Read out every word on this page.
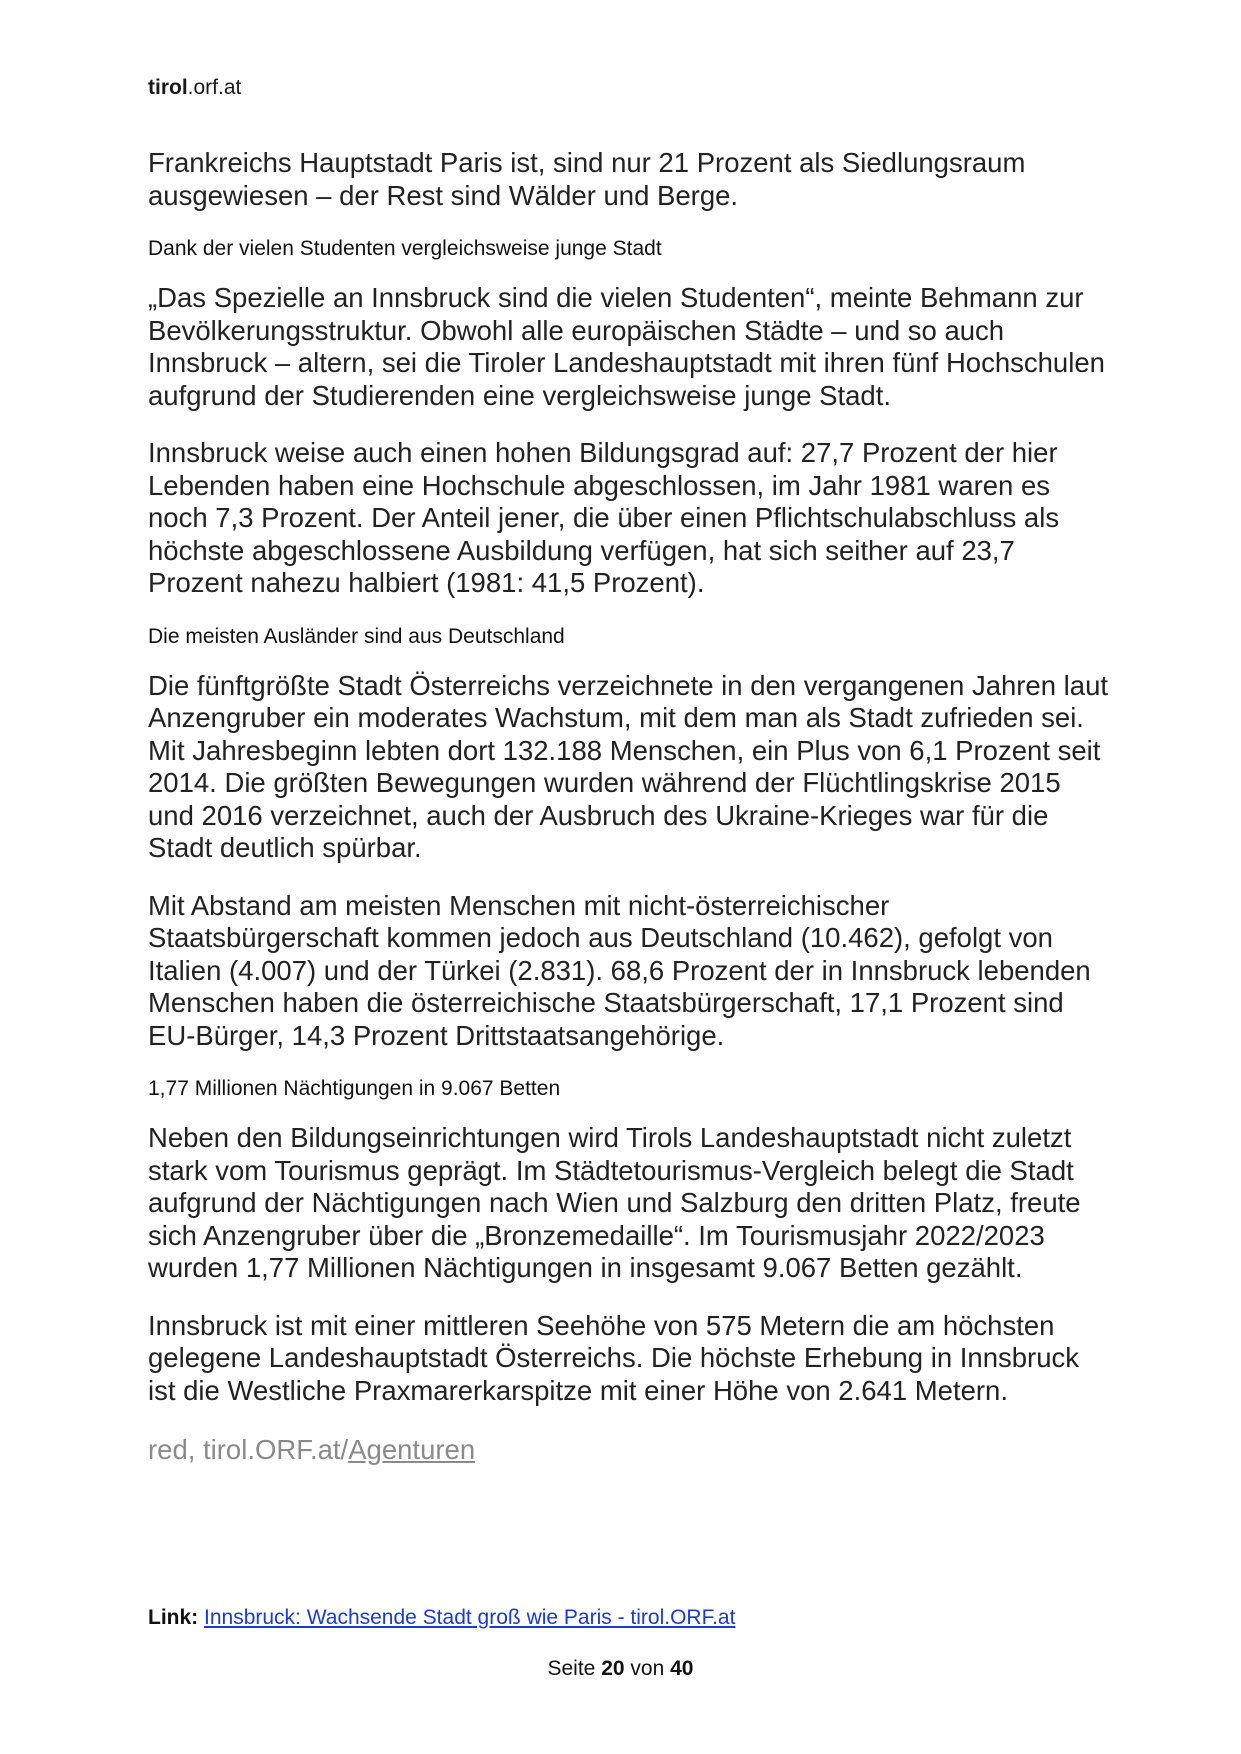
tirol.orf.at

Frankreichs Hauptstadt Paris ist, sind nur 21 Prozent als Siedlungsraum ausgewiesen – der Rest sind Wälder und Berge.

Dank der vielen Studenten vergleichsweise junge Stadt

„Das Spezielle an Innsbruck sind die vielen Studenten“, meinte Behmann zur Bevölkerungsstruktur. Obwohl alle europäischen Städte – und so auch Innsbruck – altern, sei die Tiroler Landeshauptstadt mit ihren fünf Hochschulen aufgrund der Studierenden eine vergleichsweise junge Stadt.

Innsbruck weise auch einen hohen Bildungsgrad auf: 27,7 Prozent der hier Lebenden haben eine Hochschule abgeschlossen, im Jahr 1981 waren es noch 7,3 Prozent. Der Anteil jener, die über einen Pflichtschulabschluss als höchste abgeschlossene Ausbildung verfügen, hat sich seither auf 23,7 Prozent nahezu halbiert (1981: 41,5 Prozent).

Die meisten Ausländer sind aus Deutschland

Die fünftgrößte Stadt Österreichs verzeichnete in den vergangenen Jahren laut Anzengruber ein moderates Wachstum, mit dem man als Stadt zufrieden sei. Mit Jahresbeginn lebten dort 132.188 Menschen, ein Plus von 6,1 Prozent seit 2014. Die größten Bewegungen wurden während der Flüchtlingskrise 2015 und 2016 verzeichnet, auch der Ausbruch des Ukraine-Krieges war für die Stadt deutlich spürbar.

Mit Abstand am meisten Menschen mit nicht-österreichischer Staatsbürgerschaft kommen jedoch aus Deutschland (10.462), gefolgt von Italien (4.007) und der Türkei (2.831). 68,6 Prozent der in Innsbruck lebenden Menschen haben die österreichische Staatsbürgerschaft, 17,1 Prozent sind EU-Bürger, 14,3 Prozent Drittstaatsangehörige.

1,77 Millionen Nächtigungen in 9.067 Betten

Neben den Bildungseinrichtungen wird Tirols Landeshauptstadt nicht zuletzt stark vom Tourismus geprägt. Im Städtetourismus-Vergleich belegt die Stadt aufgrund der Nächtigungen nach Wien und Salzburg den dritten Platz, freute sich Anzengruber über die „Bronzemedaille“. Im Tourismusjahr 2022/2023 wurden 1,77 Millionen Nächtigungen in insgesamt 9.067 Betten gezählt.

Innsbruck ist mit einer mittleren Seehöhe von 575 Metern die am höchsten gelegene Landeshauptstadt Österreichs. Die höchste Erhebung in Innsbruck ist die Westliche Praxmarerkarspitze mit einer Höhe von 2.641 Metern.

red, tirol.ORF.at/Agenturen

Link: Innsbruck: Wachsende Stadt groß wie Paris - tirol.ORF.at
Seite 20 von 40
